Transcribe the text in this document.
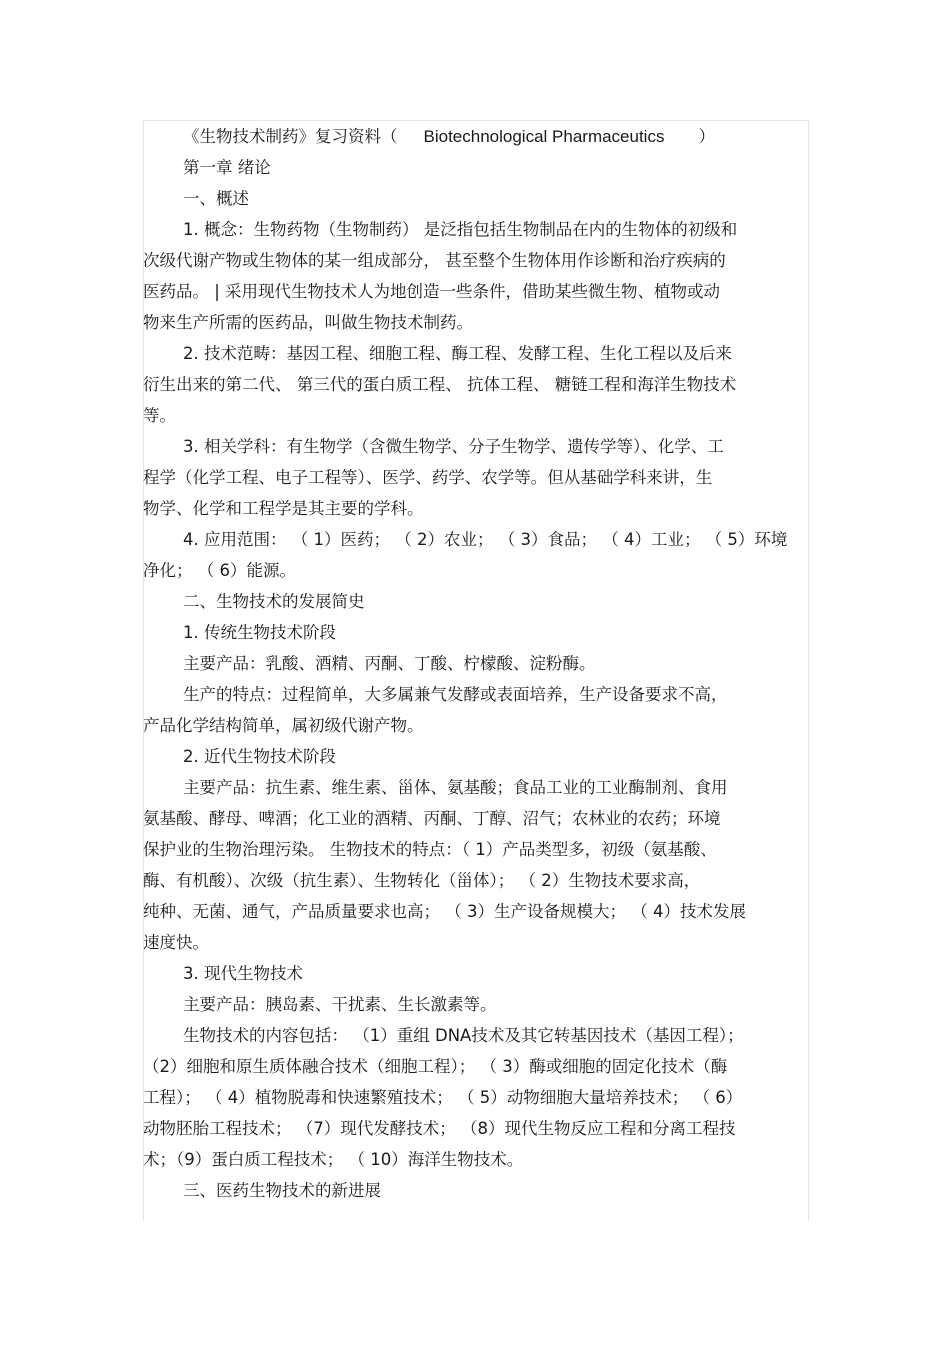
《生物技术制药》复习资料（ Biotechnological Pharmaceutics ）
第一章 绪论
一、概述
1. 概念：生物药物（生物制药） 是泛指包括生物制品在内的生物体的初级和
次级代谢产物或生物体的某一组成部分， 甚至整个生物体用作诊断和治疗疾病的
医药品。 | 采用现代生物技术人为地创造一些条件，借助某些微生物、植物或动
物来生产所需的医药品，叫做生物技术制药。
2. 技术范畴：基因工程、细胞工程、酶工程、发酵工程、生化工程以及后来
衍生出来的第二代、 第三代的蛋白质工程、 抗体工程、 糖链工程和海洋生物技术
等。
3. 相关学科：有生物学（含微生物学、分子生物学、遗传学等）、化学、工
程学（化学工程、电子工程等）、医学、药学、农学等。但从基础学科来讲，生
物学、化学和工程学是其主要的学科。
4. 应用范围： （ 1）医药； （ 2）农业； （ 3）食品； （ 4）工业； （ 5）环境
净化； （ 6）能源。
二、生物技术的发展简史
1. 传统生物技术阶段
主要产品：乳酸、酒精、丙酮、丁酸、柠檬酸、淀粉酶。
生产的特点：过程简单，大多属兼气发酵或表面培养，生产设备要求不高，
产品化学结构简单，属初级代谢产物。
2. 近代生物技术阶段
主要产品：抗生素、维生素、甾体、氨基酸；食品工业的工业酶制剂、食用
氨基酸、酵母、啤酒；化工业的酒精、丙酮、丁醇、沼气；农林业的农药；环境
保护业的生物治理污染。 生物技术的特点：（ 1）产品类型多，初级（氨基酸、
酶、有机酸）、次级（抗生素）、生物转化（甾体）； （ 2）生物技术要求高，
纯种、无菌、通气，产品质量要求也高； （ 3）生产设备规模大； （ 4）技术发展
速度快。
3. 现代生物技术
主要产品：胰岛素、干扰素、生长激素等。
生物技术的内容包括： （1）重组 DNA技术及其它转基因技术（基因工程）；
（2）细胞和原生质体融合技术（细胞工程）； （ 3）酶或细胞的固定化技术（酶
工程）； （ 4）植物脱毒和快速繁殖技术； （ 5）动物细胞大量培养技术； （ 6）
动物胚胎工程技术； （7）现代发酵技术； （8）现代生物反应工程和分离工程技
术；（9）蛋白质工程技术； （ 10）海洋生物技术。
三、医药生物技术的新进展
